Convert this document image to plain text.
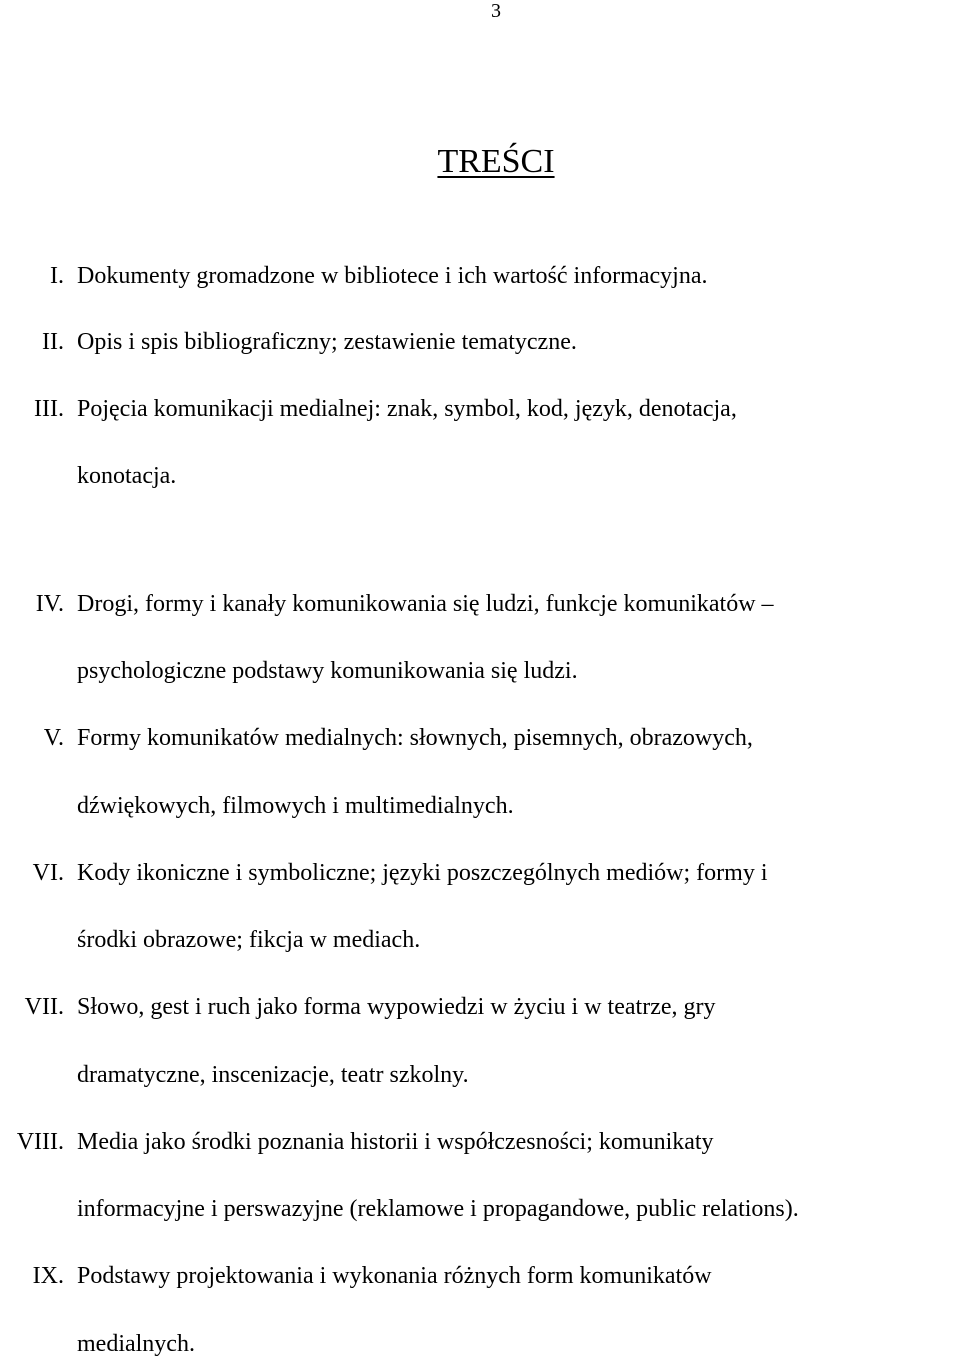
3
TREŚCI
I. Dokumenty gromadzone w bibliotece i ich wartość informacyjna.
II. Opis i spis bibliograficzny; zestawienie tematyczne.
III. Pojęcia komunikacji medialnej: znak, symbol, kod, język, denotacja,
konotacja.
IV. Drogi, formy i kanały komunikowania się ludzi, funkcje komunikatów –
psychologiczne podstawy komunikowania się ludzi.
V. Formy komunikatów medialnych: słownych, pisemnych, obrazowych,
dźwiękowych, filmowych i multimedialnych.
VI. Kody ikoniczne i symboliczne; języki poszczególnych mediów; formy i
środki obrazowe; fikcja w mediach.
VII. Słowo, gest i ruch jako forma wypowiedzi w życiu i w teatrze, gry
dramatyczne, inscenizacje, teatr szkolny.
VIII. Media jako środki poznania historii i współczesności; komunikaty
informacyjne i perswazyjne (reklamowe i propagandowe, public relations).
IX. Podstawy projektowania i wykonania różnych form komunikatów
medialnych.
